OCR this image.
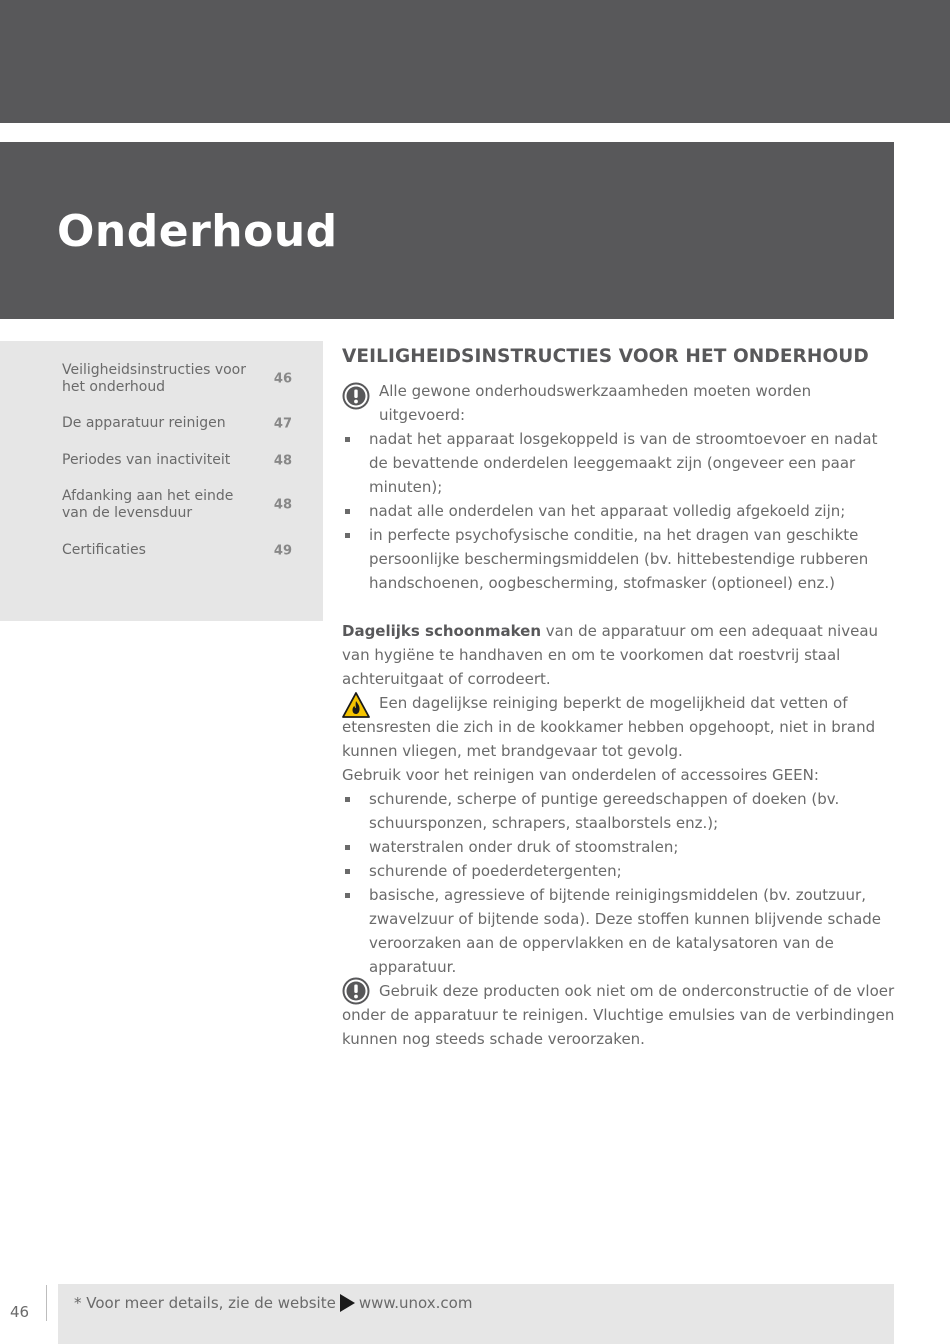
Onderhoud
Veiligheidsinstructies voor het onderhoud	46
De apparatuur reinigen	47
Periodes van inactiviteit	48
Afdanking aan het einde van de levensduur	48
Certificaties	49
VEILIGHEIDSINSTRUCTIES VOOR HET ONDERHOUD
Alle gewone onderhoudswerkzaamheden moeten worden uitgevoerd:
nadat het apparaat losgekoppeld is van de stroomtoevoer en nadat de bevattende onderdelen leeggemaakt zijn (ongeveer een paar minuten);
nadat alle onderdelen van het apparaat volledig afgekoeld zijn;
in perfecte psychofysische conditie, na het dragen van geschikte persoonlijke beschermingsmiddelen (bv. hittebestendige rubberen handschoenen, oogbescherming, stofmasker (optioneel) enz.)

Dagelijks schoonmaken van de apparatuur om een adequaat niveau van hygiëne te handhaven en om te voorkomen dat roestvrij staal achteruitgaat of corrodeert.

Een dagelijkse reiniging beperkt de mogelijkheid dat vetten of etensresten die zich in de kookkamer hebben opgehoopt, niet in brand kunnen vliegen, met brandgevaar tot gevolg.

Gebruik voor het reinigen van onderdelen of accessoires GEEN:

schurende, scherpe of puntige gereedschappen of doeken (bv. schuursponzen, schrapers, staalborstels enz.);
waterstralen onder druk of stoomstralen;
schurende of poederdetergenten;
basische, agressieve of bijtende reinigingsmiddelen (bv. zoutzuur, zwavelzuur of bijtende soda). Deze stoffen kunnen blijvende schade veroorzaken aan de oppervlakken en de katalysatoren van de apparatuur.
Gebruik deze producten ook niet om de onderconstructie of de vloer onder de apparatuur te reinigen. Vluchtige emulsies van de verbindingen kunnen nog steeds schade veroorzaken.
46	* Voor meer details, zie de website www.unox.com
